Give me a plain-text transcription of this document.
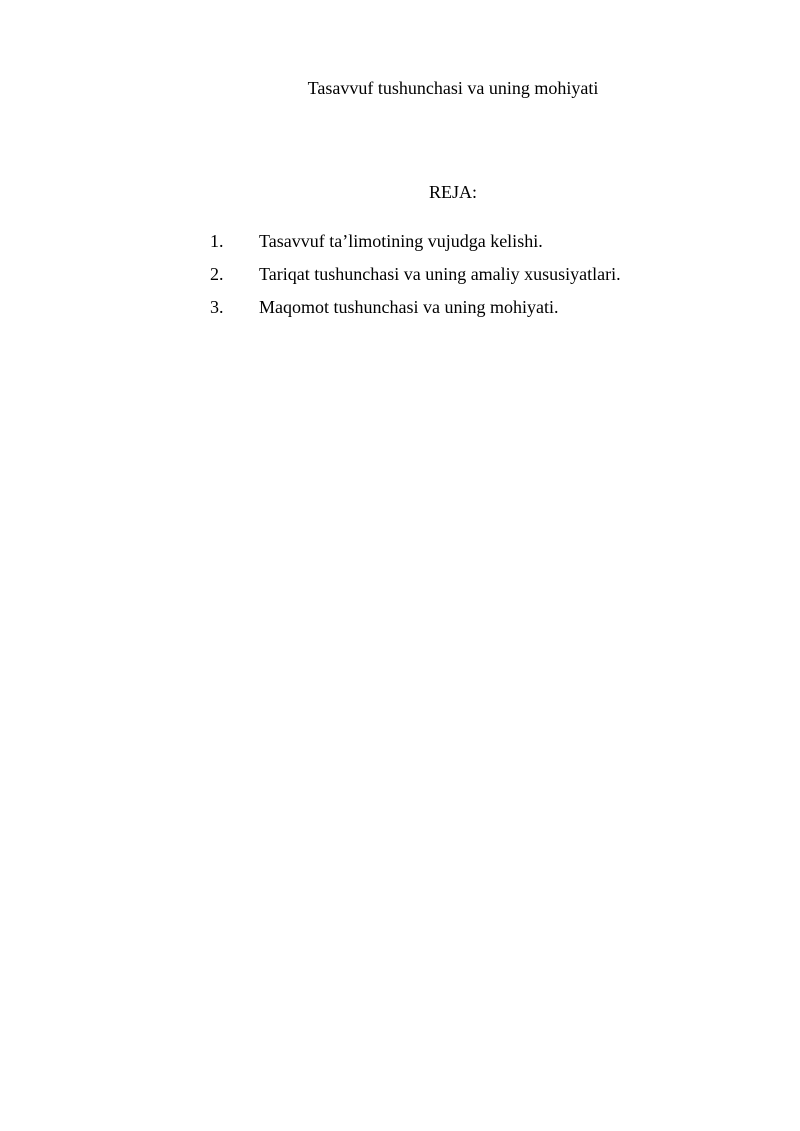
Tasavvuf tushunchasi va uning mohiyati
REJA:
1. Tasavvuf ta’limotining vujudga kelishi.
2. Tariqat tushunchasi va uning amaliy xususiyatlari.
3. Maqomot tushunchasi va uning mohiyati.
